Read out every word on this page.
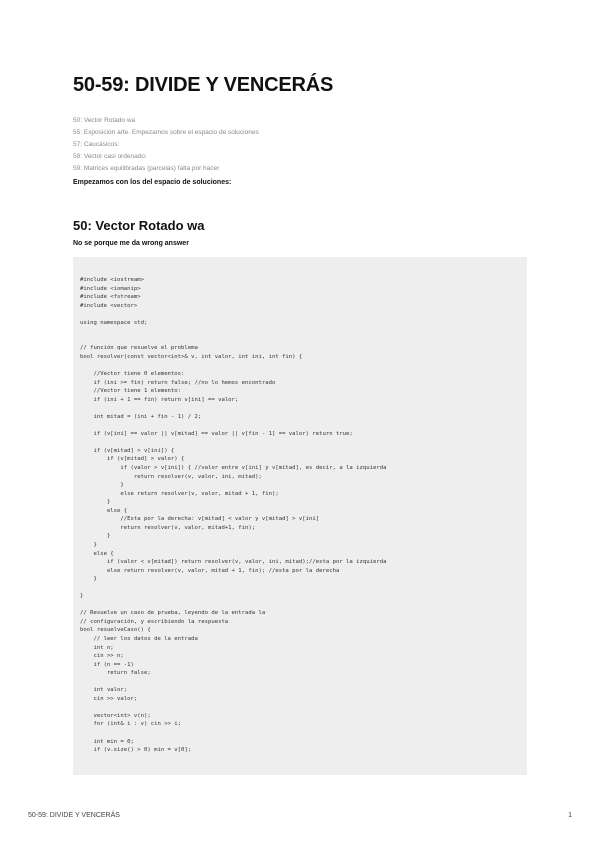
50-59: DIVIDE Y VENCERÁS
50: Vector Rotado wa
55: Exposición arte. Empezamos sobre el espacio de soluciones
57: Caucásicos:
58: Vector casi ordenado:
59: Matrices equilibradas (parcelas) falta por hacer
Empezamos con los del espacio de soluciones:
50: Vector Rotado wa
No se porque me da wrong answer
#include <iostream>
#include <iomanip>
#include <fstream>
#include <vector>

using namespace std;

// función que resuelve el problema
bool resolver(const vector<int>& v, int valor, int ini, int fin) {

//Vector tiene 0 elementos:
if (ini >= fin) return false; //no lo hemos encontrado
//Vector tiene 1 elemento:
if (ini + 1 == fin) return v[ini] == valor;

int mitad = (ini + fin - 1) / 2;

if (v[ini] == valor || v[mitad] == valor || v[fin - 1] == valor) return true;

if (v[mitad] > v[ini]) {
if (v[mitad] > valor) {
if (valor > v[ini]) { //valor entre v[ini] y v[mitad], es decir, a la izquierda
return resolver(v, valor, ini, mitad);
}
else return resolver(v, valor, mitad + 1, fin);
}
else {
//Esta por la derecha: v[mitad] < valor y v[mitad] > v[ini]
return resolver(v, valor, mitad+1, fin);
}
}
else {
if (valor < v[mitad]) return resolver(v, valor, ini, mitad);//esta por la izquierda
else return resolver(v, valor, mitad + 1, fin); //esta por la derecha
}

}

// Resuelve un caso de prueba, leyendo de la entrada la
// configuración, y escribiendo la respuesta
bool resuelveCaso() {
// leer los datos de la entrada
int n;
cin >> n;
if (n == -1)
return false;

int valor;
cin >> valor;

vector<int> v(n);
for (int& i : v) cin >> i;

int min = 0;
if (v.size() > 0) min = v[0];
50-59: DIVIDE Y VENCERÁS	1
